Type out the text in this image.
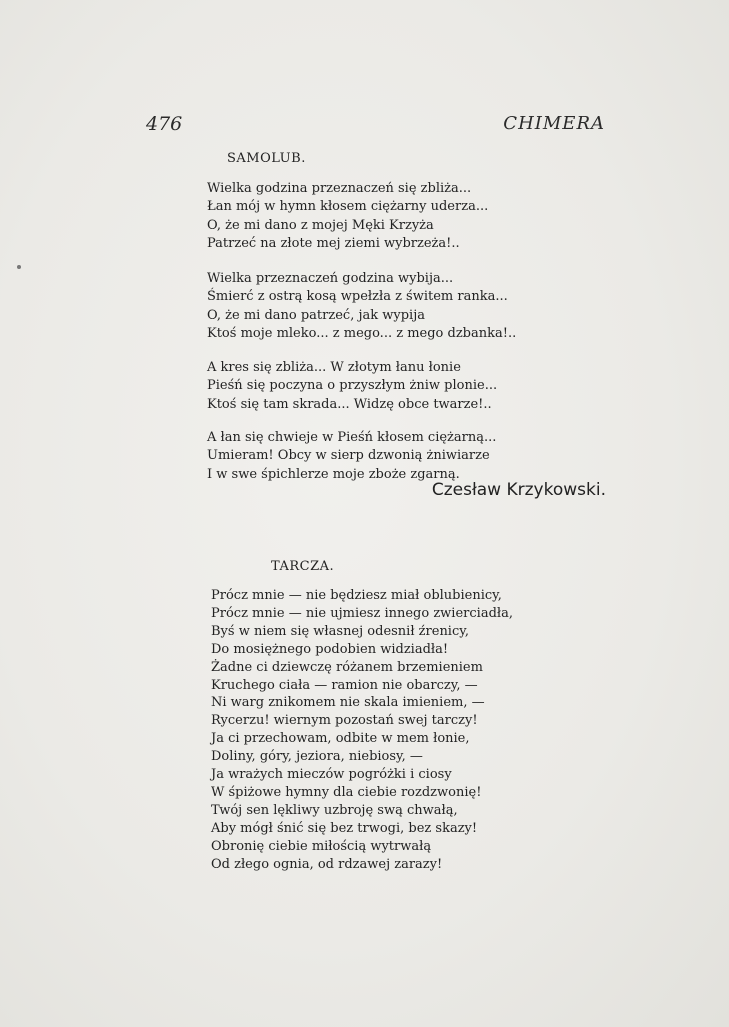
476	CHIMERA
SAMOLUB.
Wielka godzina przeznaczeń się zbliża...
Łan mój w hymn kłosem ciężarny uderza...
O, że mi dano z mojej Męki Krzyża
Patrzeć na złote mej ziemi wybrzeża!..
Wielka przeznaczeń godzina wybija...
Śmierć z ostrą kosą wpełzła z świtem ranka...
O, że mi dano patrzeć, jak wypija
Ktoś moje mleko... z mego... z mego dzbanka!..
A kres się zbliża... W złotym łanu łonie
Pieśń się poczyna o przyszłym żniw plonie...
Ktoś się tam skrada... Widzę obce twarze!..
A łan się chwieje w Pieśń kłosem ciężarną...
Umieram! Obcy w sierp dzwonią żniwiarze
I w swe śpichlerze moje zboże zgarną.
Czesław Krzykowski.
TARCZA.
Prócz mnie — nie będziesz miał oblubienicy,
Prócz mnie — nie ujmiesz innego zwierciadła,
Byś w niem się własnej odesnił źrenicy,
Do mosiężnego podobien widziadła!
Żadne ci dziewczę różanem brzemieniem
Kruchego ciała — ramion nie obarczy, —
Ni warg znikomem nie skala imieniem, —
Rycerzu! wiernym pozostań swej tarczy!
Ja ci przechowam, odbite w mem łonie,
Doliny, góry, jeziora, niebiosy, —
Ja wrażych mieczów pogróżki i ciosy
W śpiżowe hymny dla ciebie rozdzwonię!
Twój sen lękliwy uzbroję swą chwałą,
Aby mógł śnić się bez trwogi, bez skazy!
Obronię ciebie miłością wytrwałą
Od złego ognia, od rdzawej zarazy!
